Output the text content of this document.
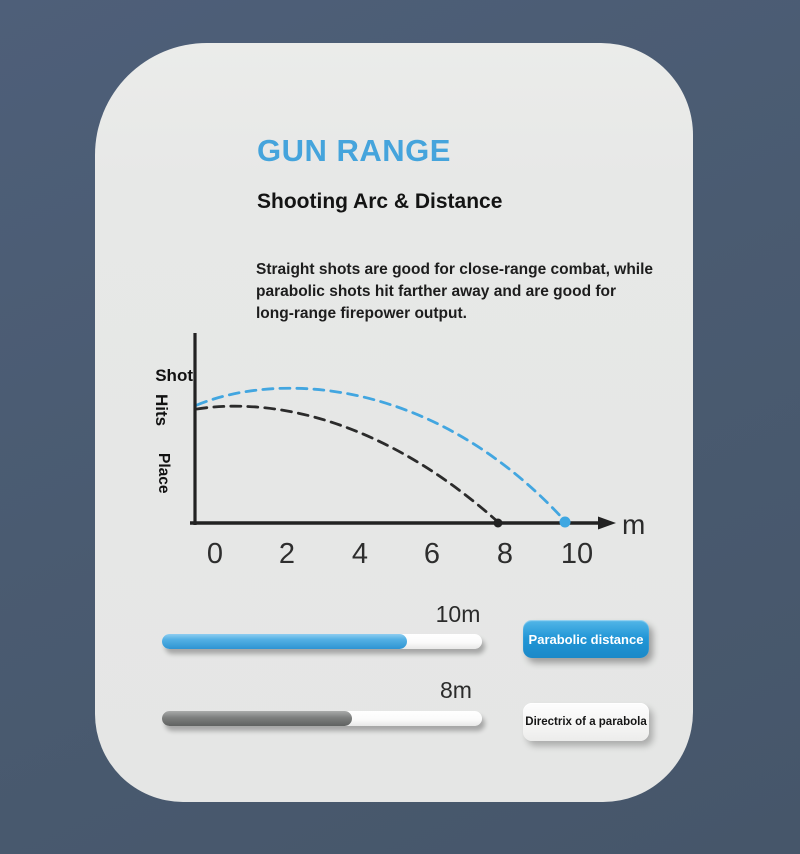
GUN RANGE
Shooting Arc & Distance
Straight shots are good for close-range combat, while
parabolic shots hit farther away and are good for
long-range firepower output.
Shot
Hits
Place
m
0 2 4 6 8 10
10m
8m
Parabolic distance
Directrix of a parabola
